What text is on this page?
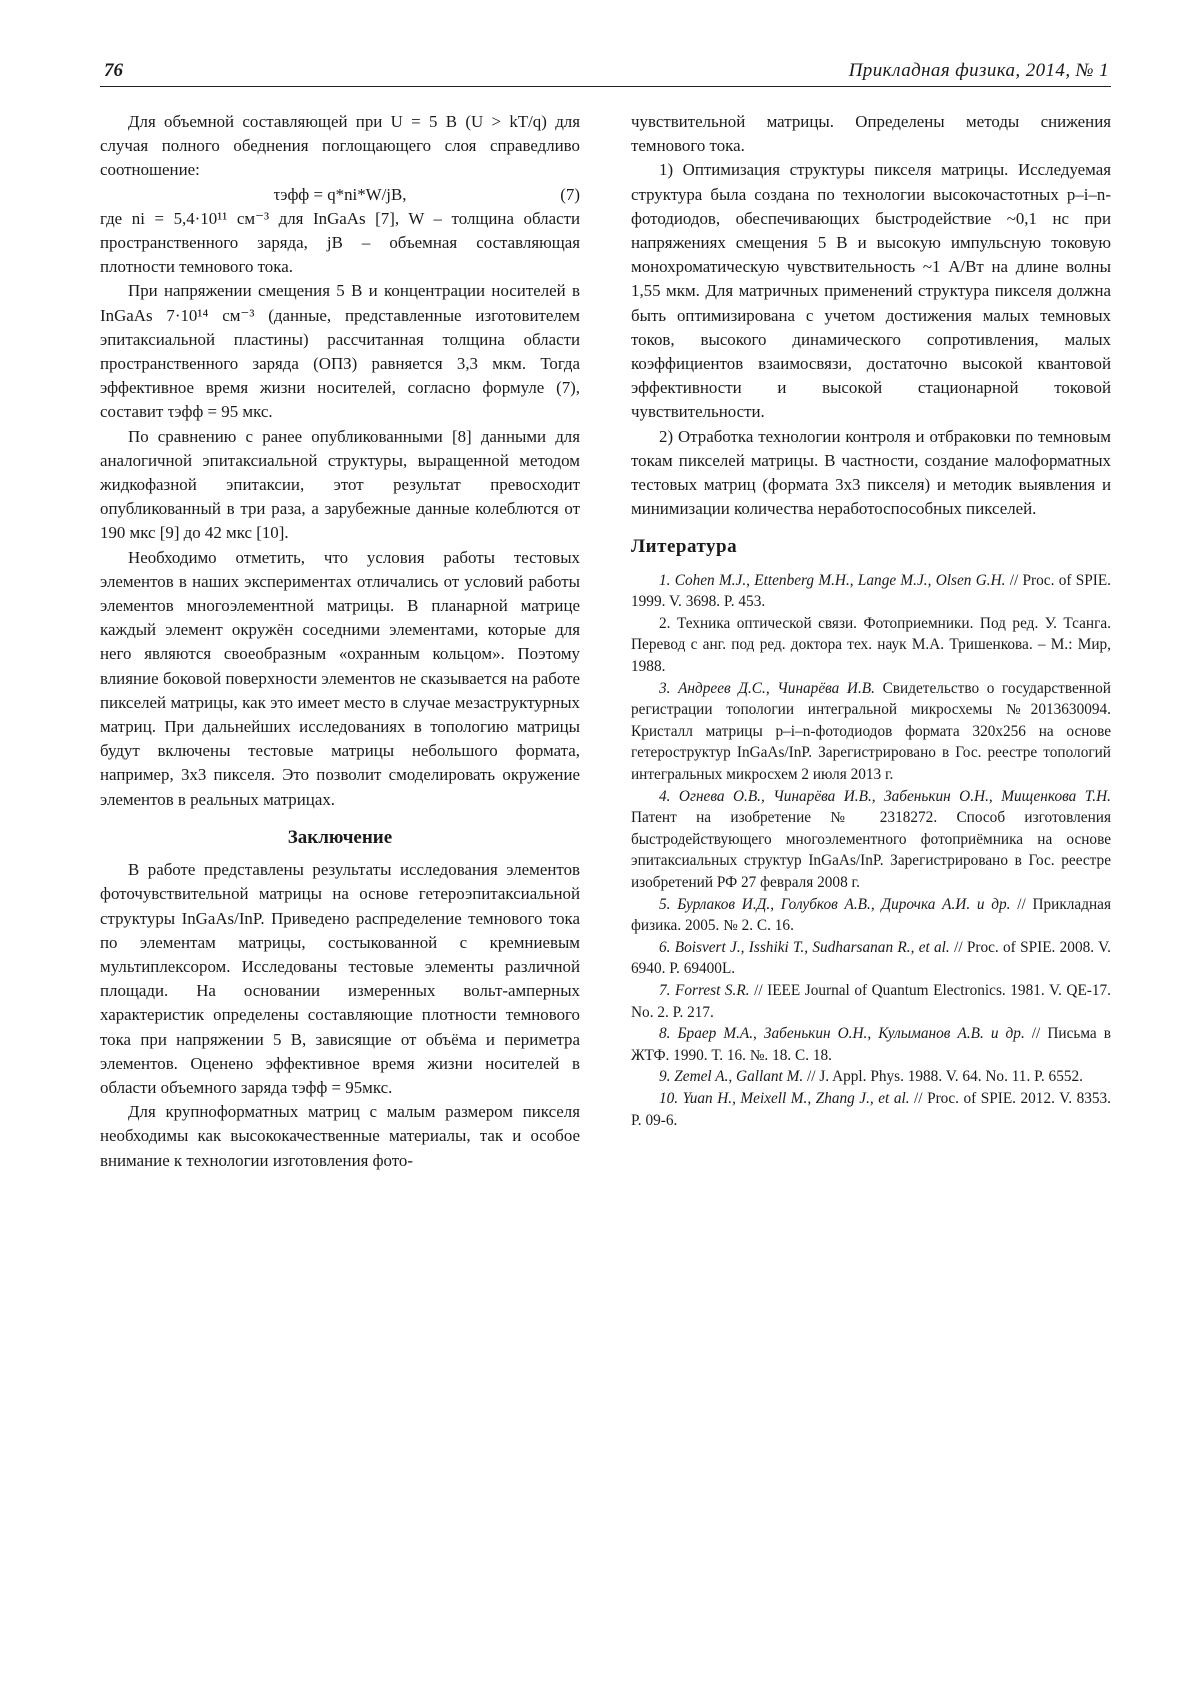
76	Прикладная физика, 2014, № 1

Для объемной составляющей при U = 5 В (U > kT/q) для случая полного обеднения поглощающего слоя справедливо соотношение:

τэфф = q*ni*W/jB,	(7)

где ni = 5,4·10¹¹ см⁻³ для InGaAs [7], W – толщина области пространственного заряда, jB – объемная составляющая плотности темнового тока.

При напряжении смещения 5 В и концентрации носителей в InGaAs 7·10¹⁴ см⁻³ (данные, представленные изготовителем эпитаксиальной пластины) рассчитанная толщина области пространственного заряда (ОПЗ) равняется 3,3 мкм. Тогда эффективное время жизни носителей, согласно формуле (7), составит τэфф = 95 мкс.

По сравнению с ранее опубликованными [8] данными для аналогичной эпитаксиальной структуры, выращенной методом жидкофазной эпитаксии, этот результат превосходит опубликованный в три раза, а зарубежные данные колеблются от 190 мкс [9] до 42 мкс [10].

Необходимо отметить, что условия работы тестовых элементов в наших экспериментах отличались от условий работы элементов многоэлементной матрицы. В планарной матрице каждый элемент окружён соседними элементами, которые для него являются своеобразным «охранным кольцом». Поэтому влияние боковой поверхности элементов не сказывается на работе пикселей матрицы, как это имеет место в случае мезаструктурных матриц. При дальнейших исследованиях в топологию матрицы будут включены тестовые матрицы небольшого формата, например, 3х3 пикселя. Это позволит смоделировать окружение элементов в реальных матрицах.

Заключение

В работе представлены результаты исследования элементов фоточувствительной матрицы на основе гетероэпитаксиальной структуры InGaAs/InP. Приведено распределение темнового тока по элементам матрицы, состыкованной с кремниевым мультиплексором. Исследованы тестовые элементы различной площади. На основании измеренных вольт-амперных характеристик определены составляющие плотности темнового тока при напряжении 5 В, зависящие от объёма и периметра элементов. Оценено эффективное время жизни носителей в области объемного заряда τэфф = 95мкс.

Для крупноформатных матриц с малым размером пикселя необходимы как высококачественные материалы, так и особое внимание к технологии изготовления фото-

чувствительной матрицы. Определены методы снижения темнового тока.

1) Оптимизация структуры пикселя матрицы. Исследуемая структура была создана по технологии высокочастотных p–i–n-фотодиодов, обеспечивающих быстродействие ~0,1 нс при напряжениях смещения 5 В и высокую импульсную токовую монохроматическую чувствительность ~1 А/Вт на длине волны 1,55 мкм. Для матричных применений структура пикселя должна быть оптимизирована с учетом достижения малых темновых токов, высокого динамического сопротивления, малых коэффициентов взаимосвязи, достаточно высокой квантовой эффективности и высокой стационарной токовой чувствительности.

2) Отработка технологии контроля и отбраковки по темновым токам пикселей матрицы. В частности, создание малоформатных тестовых матриц (формата 3х3 пикселя) и методик выявления и минимизации количества неработоспособных пикселей.

Литература

1. Cohen M.J., Ettenberg M.H., Lange M.J., Olsen G.H. // Proc. of SPIE. 1999. V. 3698. P. 453.

2. Техника оптической связи. Фотоприемники. Под ред. У. Тсанга. Перевод с анг. под ред. доктора тех. наук М.А. Тришенкова. – М.: Мир, 1988.

3. Андреев Д.С., Чинарёва И.В. Свидетельство о государственной регистрации топологии интегральной микросхемы №2013630094. Кристалл матрицы p–i–n-фотодиодов формата 320х256 на основе гетероструктур InGaAs/InP. Зарегистрировано в Гос. реестре топологий интегральных микросхем 2 июля 2013 г.

4. Огнева О.В., Чинарёва И.В., Забенькин О.Н., Мищенкова Т.Н. Патент на изобретение № 2318272. Способ изготовления быстродействующего многоэлементного фотоприёмника на основе эпитаксиальных структур InGaAs/InP. Зарегистрировано в Гос. реестре изобретений РФ 27 февраля 2008 г.

5. Бурлаков И.Д., Голубков А.В., Дирочка А.И. и др. // Прикладная физика. 2005. № 2. С. 16.

6. Boisvert J., Isshiki T., Sudharsanan R., et al. // Proc. of SPIE. 2008. V. 6940. P. 69400L.

7. Forrest S.R. // IEEE Journal of Quantum Electronics. 1981. V. QE-17. No. 2. P. 217.

8. Браер М.А., Забенькин О.Н., Кулыманов А.В. и др. // Письма в ЖТФ. 1990. Т. 16. №. 18. С. 18.

9. Zemel A., Gallant M. // J. Appl. Phys. 1988. V. 64. No. 11. P. 6552.

10. Yuan H., Meixell M., Zhang J., et al. // Proc. of SPIE. 2012. V. 8353. P. 09-6.
